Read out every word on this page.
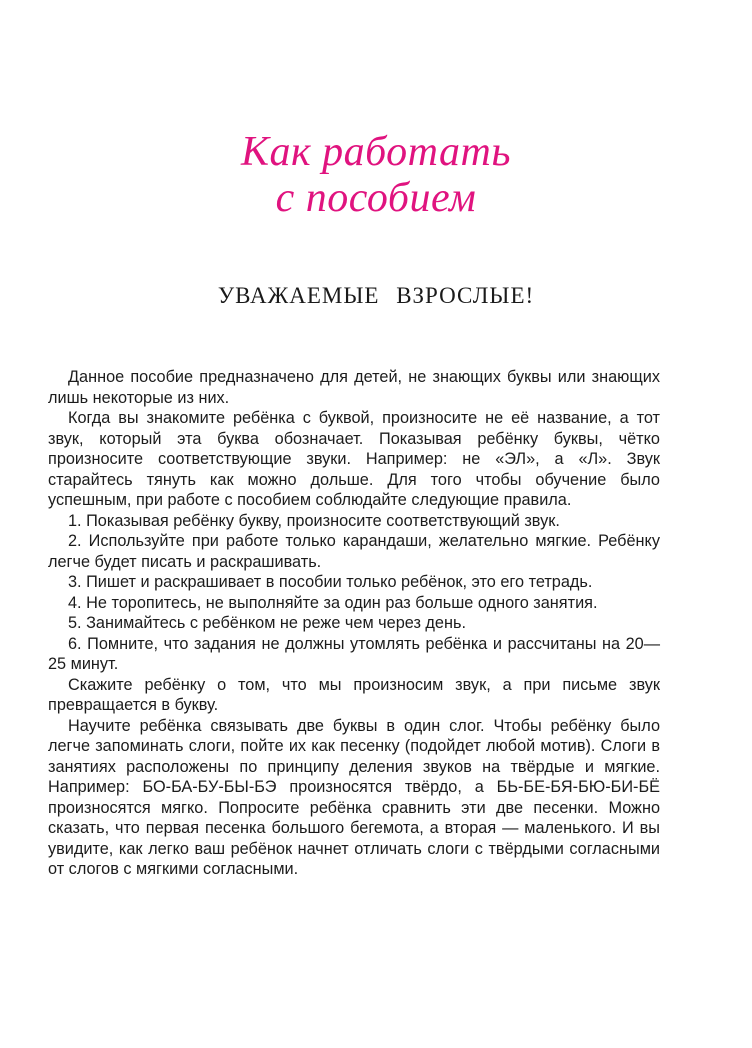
Как работать
с пособием
УВАЖАЕМЫЕ ВЗРОСЛЫЕ!

Данное пособие предназначено для детей, не знающих буквы или знающих лишь некоторые из них.

Когда вы знакомите ребёнка с буквой, произносите не её название, а тот звук, который эта буква обозначает. Показывая ребёнку буквы, чётко произносите соответствующие звуки. Например: не «ЭЛ», а «Л». Звук старайтесь тянуть как можно дольше. Для того чтобы обучение было успешным, при работе с пособием соблюдайте следующие правила.

1. Показывая ребёнку букву, произносите соответствующий звук.

2. Используйте при работе только карандаши, желательно мягкие. Ребёнку легче будет писать и раскрашивать.

3. Пишет и раскрашивает в пособии только ребёнок, это его тетрадь.

4. Не торопитесь, не выполняйте за один раз больше одного занятия.

5. Занимайтесь с ребёнком не реже чем через день.

6. Помните, что задания не должны утомлять ребёнка и рассчитаны на 20—25 минут.

Скажите ребёнку о том, что мы произносим звук, а при письме звук превращается в букву.

Научите ребёнка связывать две буквы в один слог. Чтобы ребёнку было легче запоминать слоги, пойте их как песенку (подойдет любой мотив). Слоги в занятиях расположены по принципу деления звуков на твёрдые и мягкие. Например: БО-БА-БУ-БЫ-БЭ произносятся твёрдо, а БЬ-БЕ-БЯ-БЮ-БИ-БЁ произносятся мягко. Попросите ребёнка сравнить эти две песенки. Можно сказать, что первая песенка большого бегемота, а вторая — маленького. И вы увидите, как легко ваш ребёнок начнет отличать слоги с твёрдыми согласными от слогов с мягкими согласными.
